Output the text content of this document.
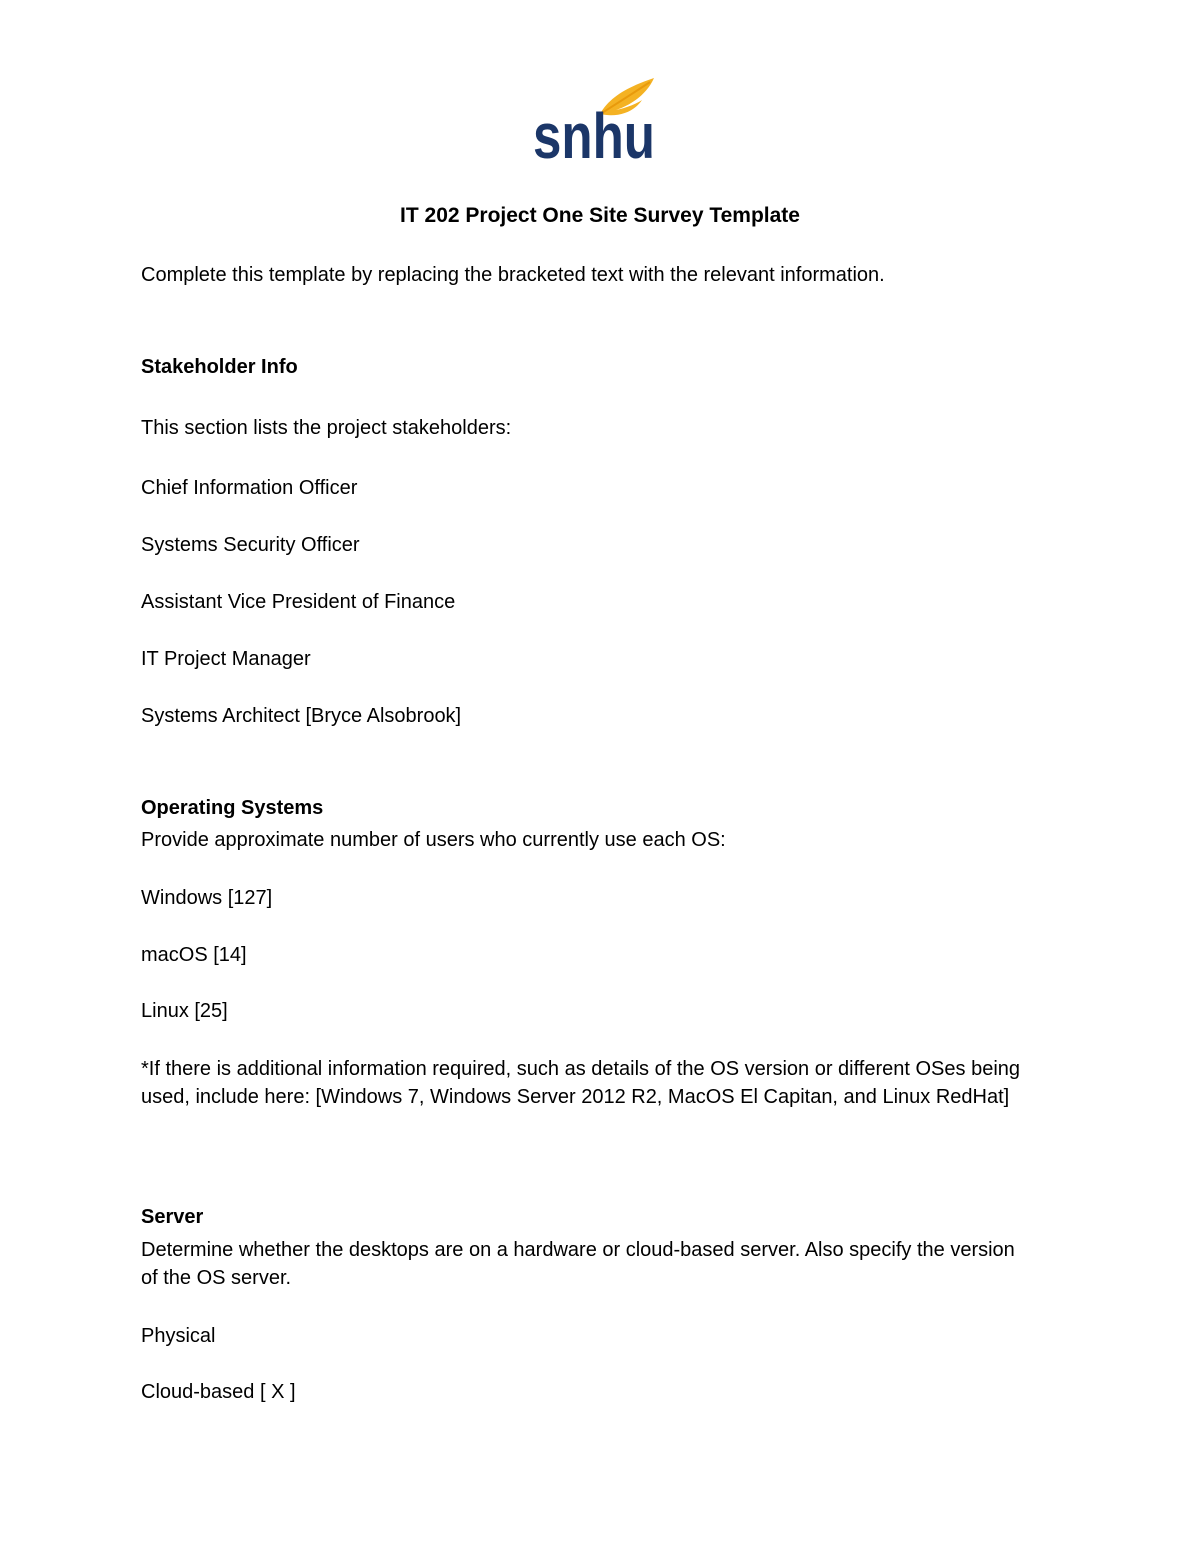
snhu
IT 202 Project One Site Survey Template
Complete this template by replacing the bracketed text with the relevant information.
Stakeholder Info
This section lists the project stakeholders:
Chief Information Officer
Systems Security Officer
Assistant Vice President of Finance
IT Project Manager
Systems Architect [Bryce Alsobrook]
Operating Systems
Provide approximate number of users who currently use each OS:
Windows [127]
macOS [14]
Linux [25]
*If there is additional information required, such as details of the OS version or different OSes being used, include here: [Windows 7, Windows Server 2012 R2, MacOS El Capitan, and Linux RedHat]
Server
Determine whether the desktops are on a hardware or cloud-based server. Also specify the version of the OS server.
Physical
Cloud-based [ X ]
